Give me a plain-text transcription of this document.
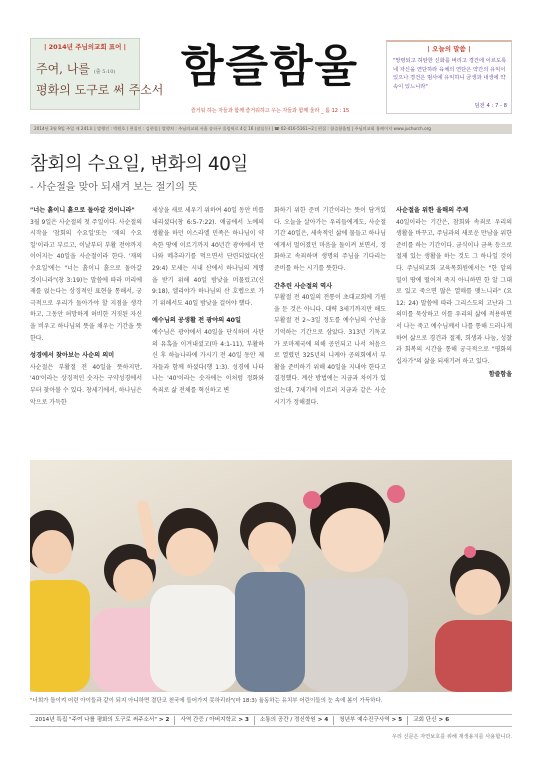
| 2014년 주님의교회 표어 |
주여, 나를 (출 5:10)
평화의 도구로 써 주소서 함즐함울
즐거워 하는 자들과 함께 즐거워하고 우는 자들과 함께 울라 _ 롬 12 : 15
| 오늘의 말씀 |
"망령되고 허탄한 신화를 버리고 경건에 이르도록 네 자신을 연단하라 육체의 연단은 약간의 유익이 있으나 경건은 범사에 유익하니 금생과 내생에 약속이 있느니라"
딤전 4 : 7 - 8
2014년 3월 9일 주일 제 241호 | 발행인 : 박원호 | 편집인 : 김현철 | 발행처 : 주님의교회 서울 송파구 올림픽로 4길 16 (잠실동) | ☎ 02-416-5161~2 | 편집 : 함즐함울팀 | 주님의교회 홈페이지 www.juchurch.org
참회의 수요일, 변화의 40일
- 사순절을 맞아 되새겨 보는 절기의 뜻

"너는 흙이니 흙으로 돌아갈 것이니라"

3월 9일은 사순절의 첫 주일이다. 사순절의 시작을 '참회의 수요일'또는 '재의 수요일'이라고 부르고, 이날부터 부활 전야까지 이어지는 40일을 사순절이라 한다. '재의 수요일'에는 "너는 흙이니 흙으로 돌아갈 것이니라"(창 3:19)는 말씀에 따라 머리에 재를 얹는다는 상징적인 표현을 통해서, 궁극적으로 우리가 돌아가야 할 지점을 생각하고, 그동안 허망하게 허비한 거짓된 자신을 비우고 하나님의 뜻을 채우는 기간을 뜻한다.

성경에서 찾아보는 사순의 의미

사순절은 부활절 전 40일을 뜻하지만, '40'이라는 상징적인 숫자는 구약성경에서부터 찾아볼 수 있다. 창세기에서, 하나님은 악으로 가득한

세상을 새로 세우기 위하여 40일 동안 비를 내리셨다(창 6:5-7:22). 애굽에서 노예의 생활을 하던 이스라엘 민족은 하나님이 약속한 땅에 이르기까지 40년간 광야에서 만나와 메추라기를 먹으면서 단련되었다(신 29:4) 모세는 시내 산에서 하나님의 계명을 받기 위해 40일 밤낮을 머물렀고(신 9:18), 엘리야가 하나님의 산 호렙으로 가기 위해서도 40일 밤낮을 걸어야 했다.

예수님의 공생활 전 광야의 40일

예수님은 광야에서 40일을 단식하며 사탄의 유혹을 이겨내셨고(마 4:1-11), 부활하신 후 하늘나라에 가시기 전 40일 동안 제자들과 함께 하셨다(행 1:3). 성경에 나타나는 '40'이라는 숫자에는 이처럼 정화와 속죄로 삶 전체를 혁신하고 변

화하기 위한 준비 기간이라는 뜻이 담겨있다. 오늘을 살아가는 우리들에게도, 사순절 기간 40일은, 세속적인 삶에 물들고 하나님에게서 멀어졌던 마음을 돌이켜 보면서, 정화하고 속죄하며 생명의 주님을 기다리는 준비를 하는 시기를 뜻한다.

간추린 사순절의 역사

부활절 전 40일의 전통이 초대교회에 기원을 둔 것은 아니다. 대략 3세기까지만 해도 부활절 전 2~3일 정도를 예수님의 수난을 기억하는 기간으로 삼았다. 313년 기독교가 로마제국에 의해 공인되고 나서 처음으로 열렸던 325년의 니케아 공의회에서 부활을 준비하기 위해 40일을 지내야 한다고 결정했다. 계산 방법에는 지금과 차이가 있었는데, 7세기에 이르러 지금과 같은 사순 시기가 정해졌다.

사순절을 위한 올해의 주제

40일이라는 기간은, 참회와 속죄로 우리의 생활을 바꾸고, 주님과의 새로운 만남을 위한 준비를 하는 기간이다. 금식이나 금욕 등으로 절제 있는 생활을 하는 것도 그 하나일 것이다. 주님의교회 교육목회원에서는 "한 알의 밀이 땅에 떨어져 죽지 아니하면 한 알 그대로 있고 죽으면 많은 열매를 맺느니라" (요12: 24) 말씀에 따라 그리스도의 고난과 그 의미를 묵상하고 이를 우리의 삶에 적용하면서 나는 죽고 예수님께서 나를 통해 드러나게 하여 삶으로 경건과 절제, 희생과 나눔, 성찰과 회복의 시간을 통해 궁극적으로 "평화의 십자가"의 삶을 되새기려 하고 있다.

함즐함울
"너희가 돌이켜 어린 아이들과 같이 되지 아니하면 결단코 천국에 들어가지 못하리라"(마 18:3) 율동하는 유치부 어린이들의 눈 속에 봄이 가득하다.
2014년 특집 "주여 나를 평화의 도구로 써주소서" > 2	사역 간증 / 아버지학교 > 3	소통의 공간 / 정신학원 > 4	청년부 예수진구사역 > 5	교회 단신 > 6
우리 신문은 자연보호를 위해 재생용지를 사용합니다.
